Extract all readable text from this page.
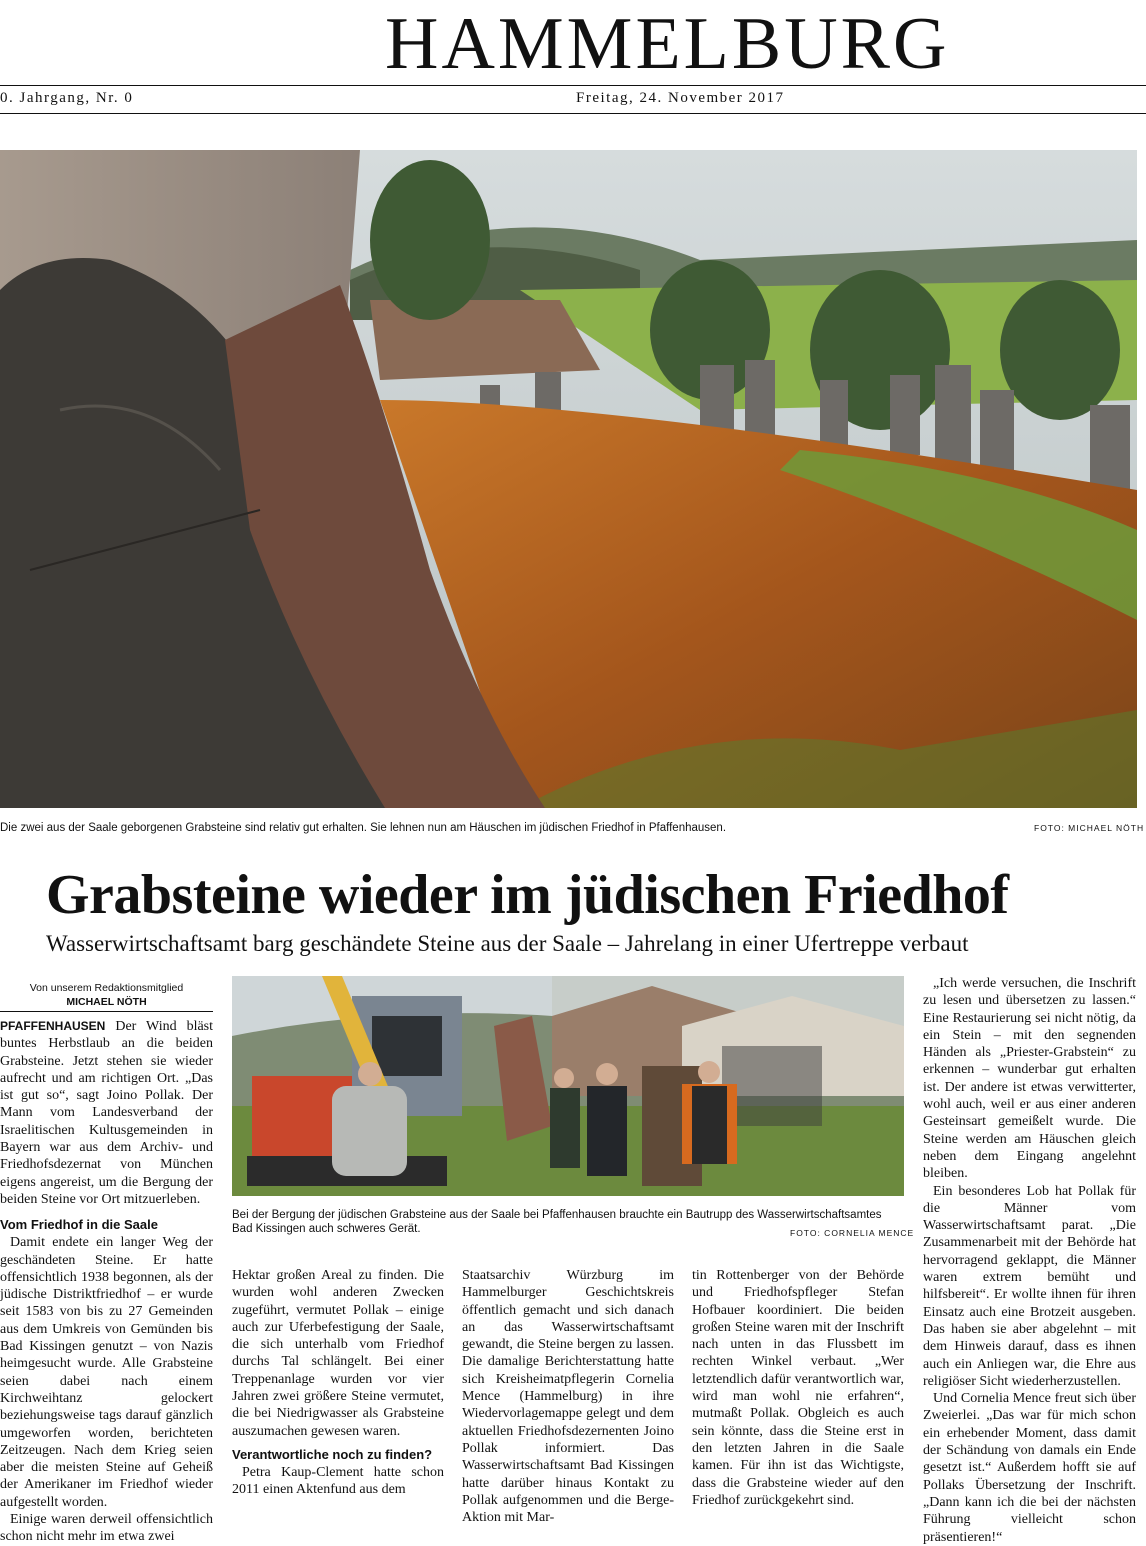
HAMMELBURG
0. Jahrgang, Nr. 0	Freitag, 24. November 2017
Die zwei aus der Saale geborgenen Grabsteine sind relativ gut erhalten. Sie lehnen nun am Häuschen im jüdischen Friedhof in Pfaffenhausen.	FOTO: MICHAEL NÖTH
Grabsteine wieder im jüdischen Friedhof
Wasserwirtschaftsamt barg geschändete Steine aus der Saale – Jahrelang in einer Ufertreppe verbaut
Von unserem Redaktionsmitglied
MICHAEL NÖTH

PFAFFENHAUSEN Der Wind bläst buntes Herbstlaub an die beiden Grabsteine. Jetzt stehen sie wieder aufrecht und am richtigen Ort. „Das ist gut so“, sagt Joino Pollak. Der Mann vom Landesverband der Israelitischen Kultusgemeinden in Bayern war aus dem Archiv- und Friedhofsdezernat von München eigens angereist, um die Bergung der beiden Steine vor Ort mitzuerleben.

Vom Friedhof in die Saale

Damit endete ein langer Weg der geschändeten Steine. Er hatte offensichtlich 1938 begonnen, als der jüdische Distriktfriedhof – er wurde seit 1583 von bis zu 27 Gemeinden aus dem Umkreis von Gemünden bis Bad Kissingen genutzt – von Nazis heimgesucht wurde. Alle Grabsteine seien dabei nach einem Kirchweihtanz gelockert beziehungsweise tags darauf gänzlich umgeworfen worden, berichteten Zeitzeugen. Nach dem Krieg seien aber die meisten Steine auf Geheiß der Amerikaner im Friedhof wieder aufgestellt worden.

Einige waren derweil offensichtlich schon nicht mehr im etwa zwei

Bei der Bergung der jüdischen Grabsteine aus der Saale bei Pfaffenhausen brauchte ein Bautrupp des Wasserwirtschaftsamtes Bad Kissingen auch schweres Gerät.	FOTO: CORNELIA MENCE

Hektar großen Areal zu finden. Die wurden wohl anderen Zwecken zugeführt, vermutet Pollak – einige auch zur Uferbefestigung der Saale, die sich unterhalb vom Friedhof durchs Tal schlängelt. Bei einer Treppenanlage wurden vor vier Jahren zwei größere Steine vermutet, die bei Niedrigwasser als Grabsteine auszumachen gewesen waren.

Verantwortliche noch zu finden?

Petra Kaup-Clement hatte schon 2011 einen Aktenfund aus dem

Staatsarchiv Würzburg im Hammelburger Geschichtskreis öffentlich gemacht und sich danach an das Wasserwirtschaftsamt gewandt, die Steine bergen zu lassen. Die damalige Berichterstattung hatte sich Kreisheimatpflegerin Cornelia Mence (Hammelburg) in ihre Wiedervorlagemappe gelegt und dem aktuellen Friedhofsdezernenten Joino Pollak informiert. Das Wasserwirtschaftsamt Bad Kissingen hatte darüber hinaus Kontakt zu Pollak aufgenommen und die Berge-Aktion mit Mar-

tin Rottenberger von der Behörde und Friedhofspfleger Stefan Hofbauer koordiniert. Die beiden großen Steine waren mit der Inschrift nach unten in das Flussbett im rechten Winkel verbaut. „Wer letztendlich dafür verantwortlich war, wird man wohl nie erfahren“, mutmaßt Pollak. Obgleich es auch sein könnte, dass die Steine erst in den letzten Jahren in die Saale kamen. Für ihn ist das Wichtigste, dass die Grabsteine wieder auf den Friedhof zurückgekehrt sind.

„Ich werde versuchen, die Inschrift zu lesen und übersetzen zu lassen.“ Eine Restaurierung sei nicht nötig, da ein Stein – mit den segnenden Händen als „Priester-Grabstein“ zu erkennen – wunderbar gut erhalten ist. Der andere ist etwas verwitterter, wohl auch, weil er aus einer anderen Gesteinsart gemeißelt wurde. Die Steine werden am Häuschen gleich neben dem Eingang angelehnt bleiben.

Ein besonderes Lob hat Pollak für die Männer vom Wasserwirtschaftsamt parat. „Die Zusammenarbeit mit der Behörde hat hervorragend geklappt, die Männer waren extrem bemüht und hilfsbereit“. Er wollte ihnen für ihren Einsatz auch eine Brotzeit ausgeben. Das haben sie aber abgelehnt – mit dem Hinweis darauf, dass es ihnen auch ein Anliegen war, die Ehre aus religiöser Sicht wiederherzustellen.

Und Cornelia Mence freut sich über Zweierlei. „Das war für mich schon ein erhebender Moment, dass damit der Schändung von damals ein Ende gesetzt ist.“ Außerdem hofft sie auf Pollaks Übersetzung der Inschrift. „Dann kann ich die bei der nächsten Führung vielleicht schon präsentieren!“
